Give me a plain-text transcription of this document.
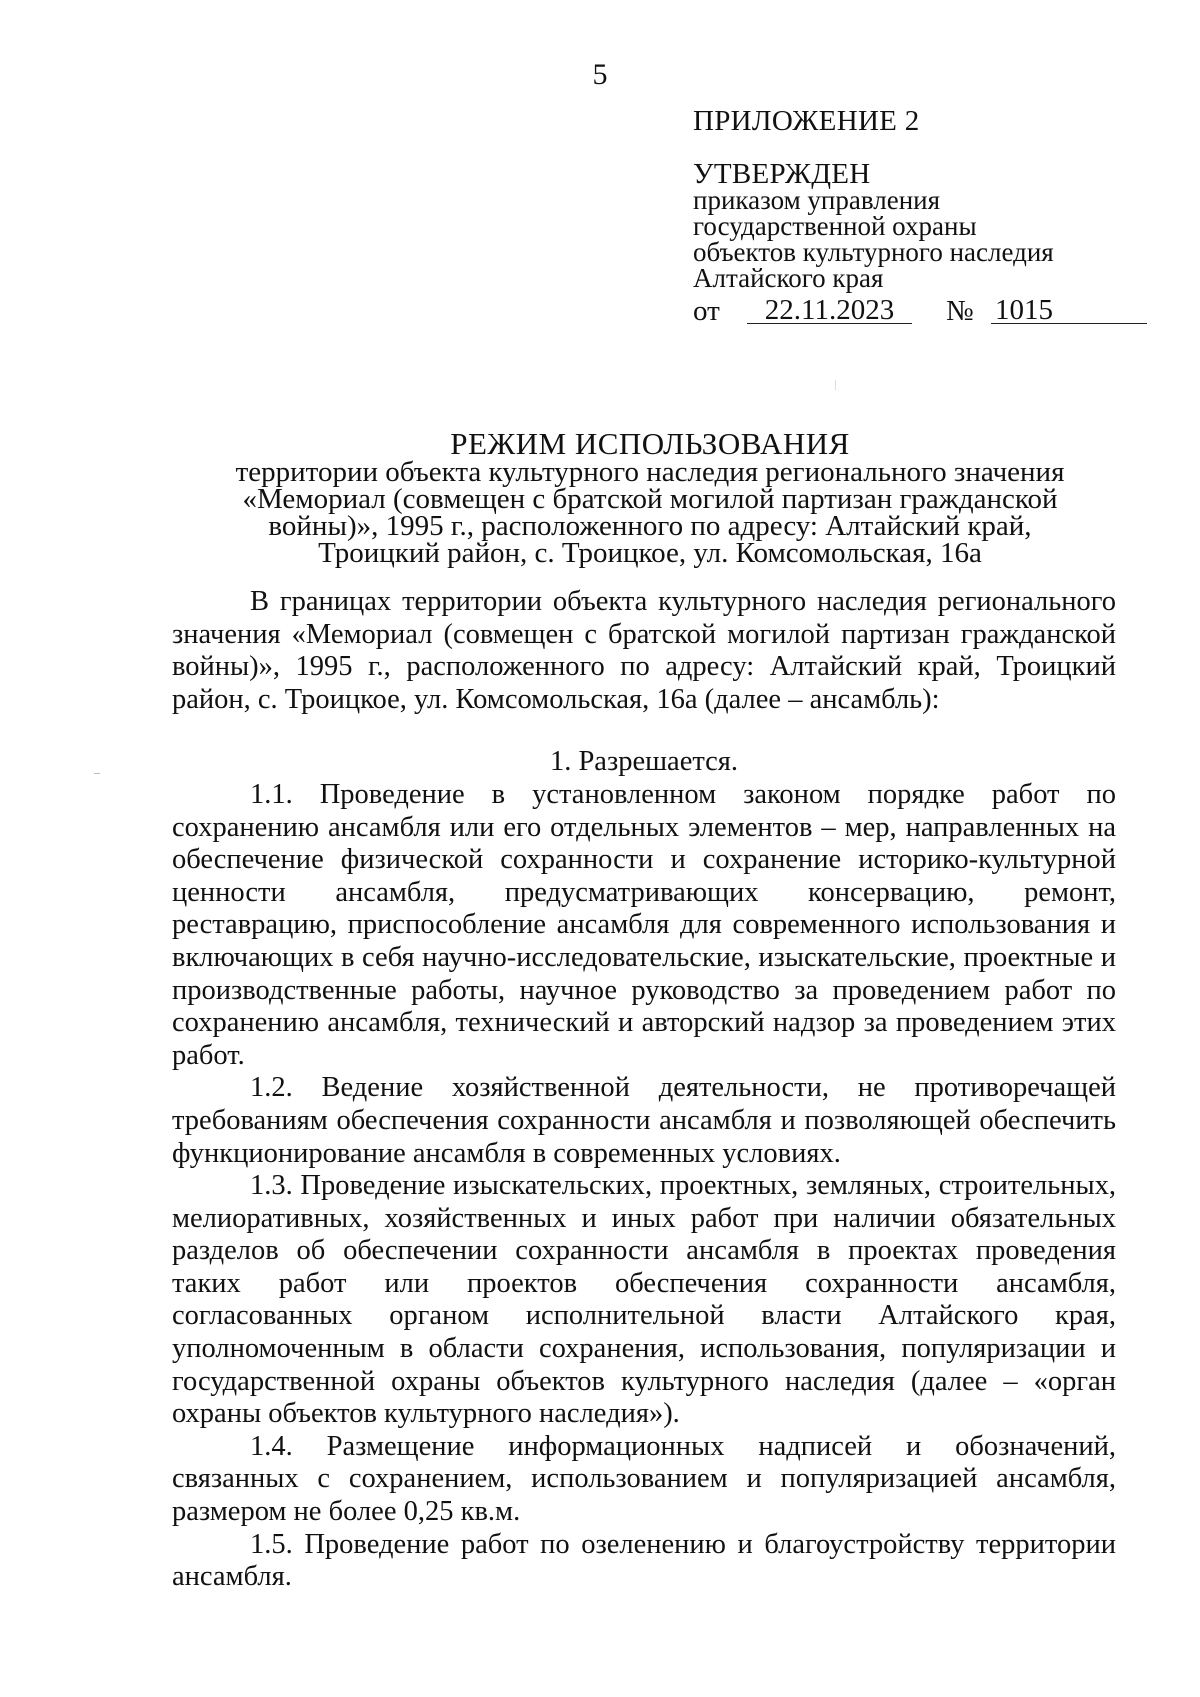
5
ПРИЛОЖЕНИЕ 2
УТВЕРЖДЕН
приказом управления
государственной охраны
объектов культурного наследия
Алтайского края
от	22.11.2023	№ 1015
РЕЖИМ ИСПОЛЬЗОВАНИЯ
территории объекта культурного наследия регионального значения
«Мемориал (совмещен с братской могилой партизан гражданской
войны)», 1995 г., расположенного по адресу: Алтайский край,
Троицкий район, с. Троицкое, ул. Комсомольская, 16а

В границах территории объекта культурного наследия регионального значения «Мемориал (совмещен с братской могилой партизан гражданской войны)», 1995 г., расположенного по адресу: Алтайский край, Троицкий район, с. Троицкое, ул. Комсомольская, 16а (далее – ансамбль):

1. Разрешается.

1.1. Проведение в установленном законом порядке работ по сохранению ансамбля или его отдельных элементов – мер, направленных на обеспечение физической сохранности и сохранение историко-культурной ценности ансамбля, предусматривающих консервацию, ремонт, реставрацию, приспособление ансамбля для современного использования и включающих в себя научно-исследовательские, изыскательские, проектные и производственные работы, научное руководство за проведением работ по сохранению ансамбля, технический и авторский надзор за проведением этих работ.

1.2. Ведение хозяйственной деятельности, не противоречащей требованиям обеспечения сохранности ансамбля и позволяющей обеспечить функционирование ансамбля в современных условиях.

1.3. Проведение изыскательских, проектных, земляных, строительных, мелиоративных, хозяйственных и иных работ при наличии обязательных разделов об обеспечении сохранности ансамбля в проектах проведения таких работ или проектов обеспечения сохранности ансамбля, согласованных органом исполнительной власти Алтайского края, уполномоченным в области сохранения, использования, популяризации и государственной охраны объектов культурного наследия (далее – «орган охраны объектов культурного наследия»).

1.4. Размещение информационных надписей и обозначений, связанных с сохранением, использованием и популяризацией ансамбля, размером не более 0,25 кв.м.

1.5. Проведение работ по озеленению и благоустройству территории ансамбля.
